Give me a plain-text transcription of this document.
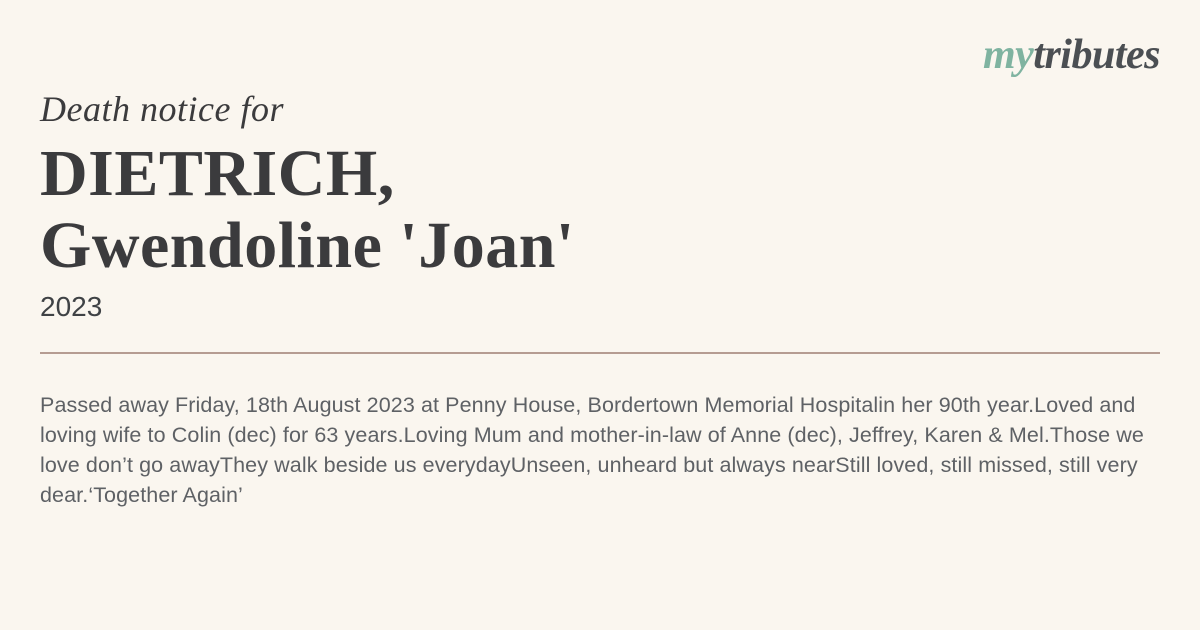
mytributes
Death notice for
DIETRICH,
Gwendoline 'Joan'
2023

Passed away Friday, 18th August 2023 at Penny House, Bordertown Memorial Hospitalin her 90th year.Loved and loving wife to Colin (dec) for 63 years.Loving Mum and mother-in-law of Anne (dec), Jeffrey, Karen & Mel.Those we love don’t go awayThey walk beside us everydayUnseen, unheard but always nearStill loved, still missed, still very dear.‘Together Again’
